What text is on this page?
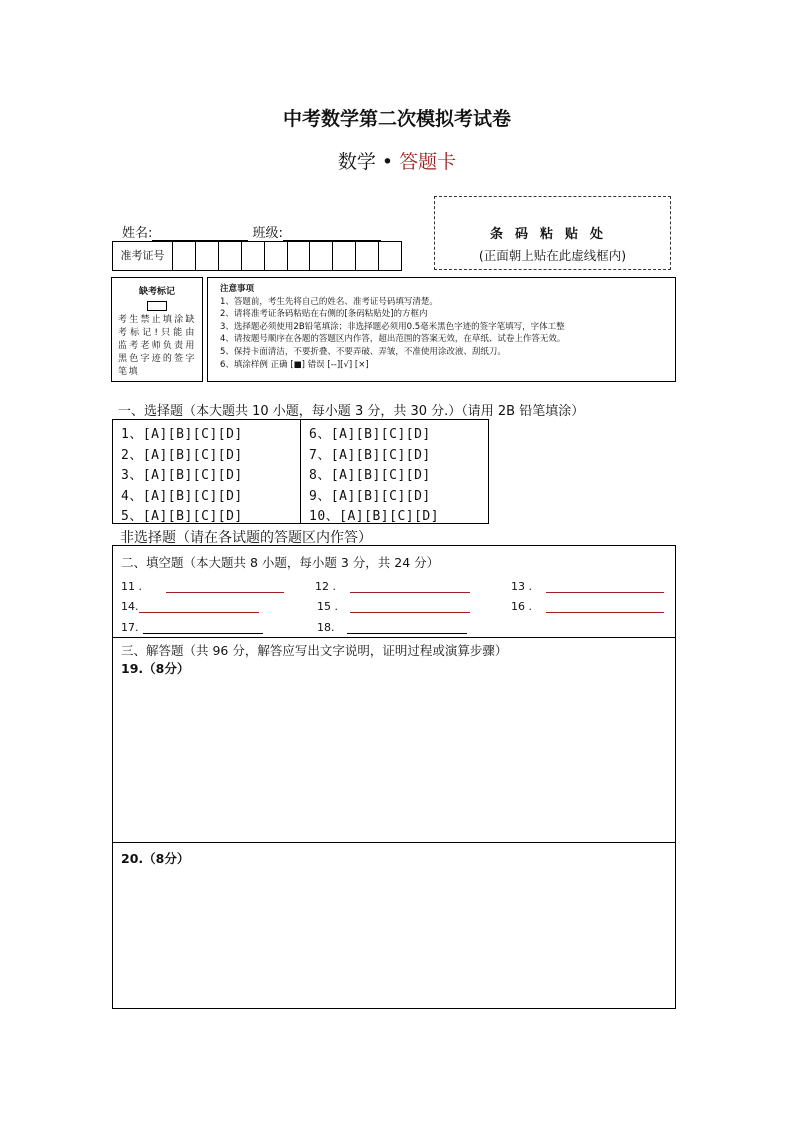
中考数学第二次模拟考试卷
数学 • 答题卡
姓名:	班级:
准考证号
条码粘贴处
(正面朝上贴在此虚线框内)
缺考标记
考生禁止填涂缺考标记!只能由监考老师负责用黑色字迹的签字笔填
注意事项
1、答题前，考生先将自己的姓名、准考证号码填写清楚。
2、请将准考证条码粘贴在右侧的[条码粘贴处]的方框内
3、选择题必须使用2B铅笔填涂；非选择题必须用0.5毫米黑色字迹的签字笔填写，字体工整
4、请按题号顺序在各题的答题区内作答，超出范围的答案无效，在草纸、试卷上作答无效。
5、保持卡面清洁，不要折叠、不要弄破、弄皱，不准使用涂改液、刮纸刀。
6、填涂样例 正确 [■] 错误 [--][√] [×]
一、选择题（本大题共 10 小题，每小题 3 分，共 30 分.）（请用 2B 铅笔填涂）
1、[A][B][C][D]
2、[A][B][C][D]
3、[A][B][C][D]
4、[A][B][C][D]
5、[A][B][C][D]
6、[A][B][C][D]
7、[A][B][C][D]
8、[A][B][C][D]
9、[A][B][C][D]
10、[A][B][C][D]
非选择题（请在各试题的答题区内作答）
二、填空题（本大题共 8 小题，每小题 3 分，共 24 分）
11 .	12 .	13 .
14.	15 .	16 .
17.	18.
三、解答题（共 96 分，解答应写出文字说明，证明过程或演算步骤）
19.（8分）
20.（8分）
